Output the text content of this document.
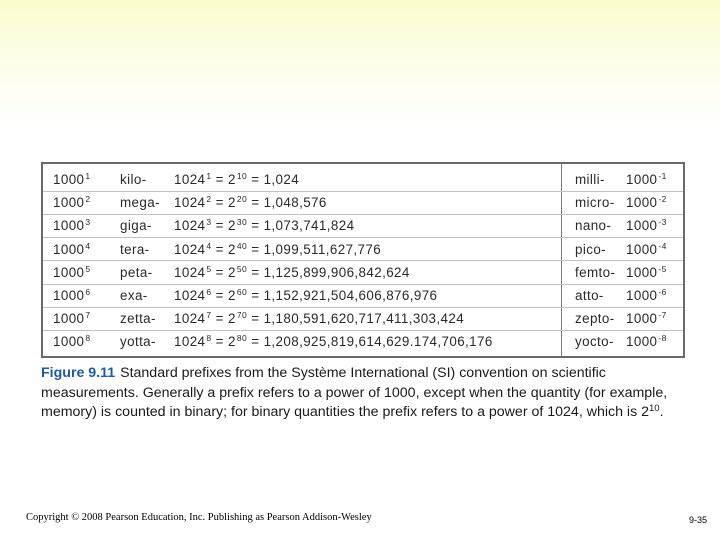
1000$^1$ kilo- $1024^1 = 2^{10} = 1,024$	milli- $1000^{-1}$
1000$^2$ mega- $1024^2 = 2^{20} = 1,048,576$	micro- $1000^{-2}$
1000$^3$ giga- $1024^3 = 2^{30} = 1,073,741,824$	nano- $1000^{-3}$
1000$^4$ tera- $1024^4 = 2^{40} = 1,099,511,627,776$	pico- $1000^{-4}$
1000$^5$ peta- $1024^5 = 2^{50} = 1,125,899,906,842,624$	femto- $1000^{-5}$
1000$^6$ exa- $1024^6 = 2^{60} = 1,152,921,504,606,876,976$	atto- $1000^{-6}$
1000$^7$ zetta- $1024^7 = 2^{70} = 1,180,591,620,717,411,303,424$	zepto- $1000^{-7}$
1000$^8$ yotta- $1024^8 = 2^{80} = 1,208,925,819,614,629.174,706,176$	yocto- $1000^{-8}$
Figure 9.11 Standard prefixes from the Système International (SI) convention on scientific measurements. Generally a prefix refers to a power of 1000, except when the quantity (for example, memory) is counted in binary; for binary quantities the prefix refers to a power of 1024, which is $2^{10}$.
Copyright © 2008 Pearson Education, Inc. Publishing as Pearson Addison-Wesley	9-35
